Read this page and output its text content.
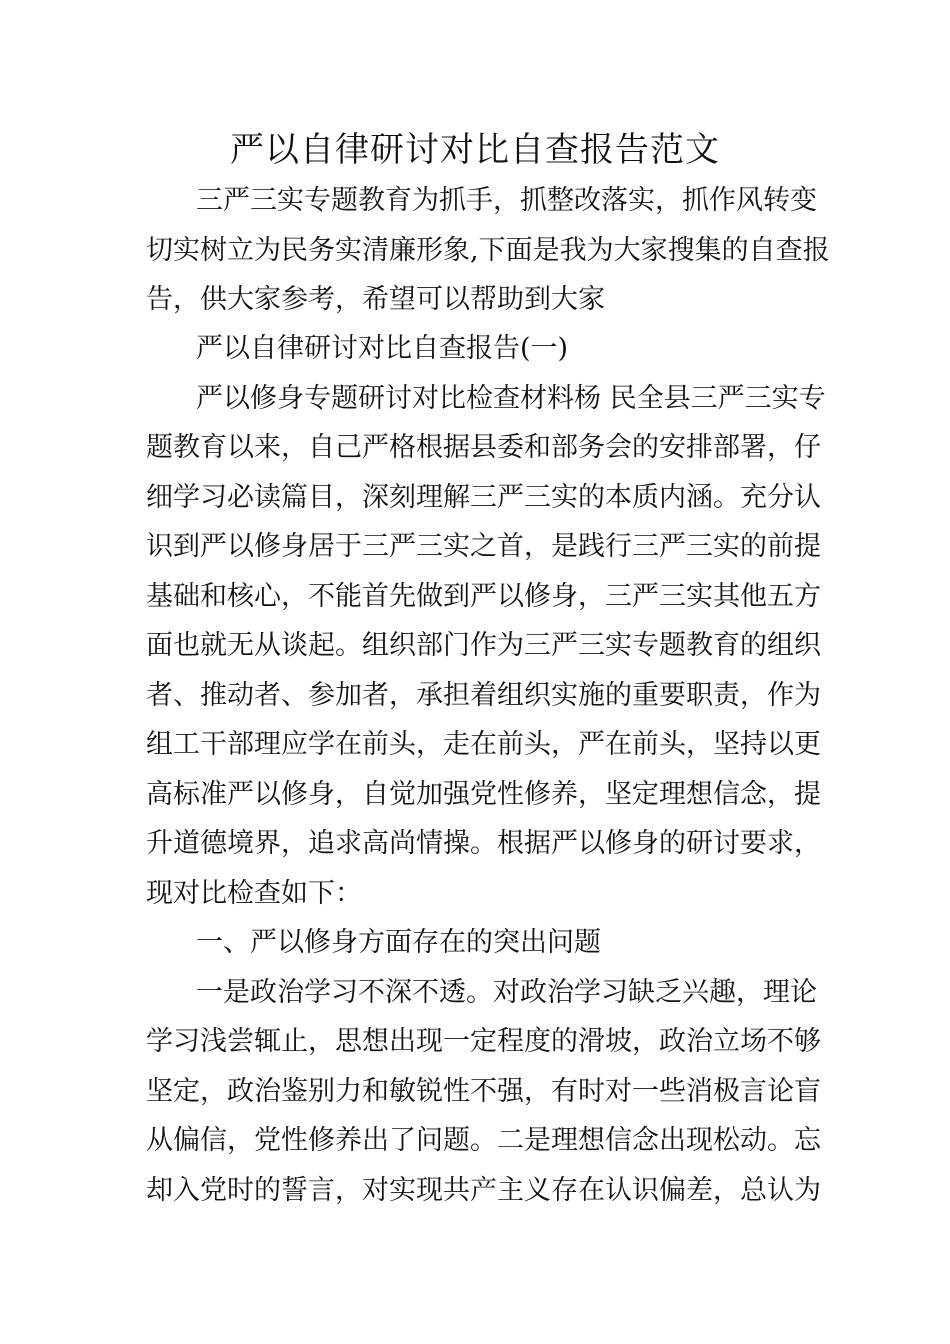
严以自律研讨对比自查报告范文
三严三实专题教育为抓手，抓整改落实，抓作风转变
切实树立为民务实清廉形象,下面是我为大家搜集的自查报
告，供大家参考，希望可以帮助到大家
严以自律研讨对比自查报告(一)
严以修身专题研讨对比检查材料杨 民全县三严三实专
题教育以来，自己严格根据县委和部务会的安排部署，仔
细学习必读篇目，深刻理解三严三实的本质内涵。充分认
识到严以修身居于三严三实之首，是践行三严三实的前提
基础和核心，不能首先做到严以修身，三严三实其他五方
面也就无从谈起。组织部门作为三严三实专题教育的组织
者、推动者、参加者，承担着组织实施的重要职责，作为
组工干部理应学在前头，走在前头，严在前头，坚持以更
高标准严以修身，自觉加强党性修养，坚定理想信念，提
升道德境界，追求高尚情操。根据严以修身的研讨要求，
现对比检查如下：
一、严以修身方面存在的突出问题
一是政治学习不深不透。对政治学习缺乏兴趣，理论
学习浅尝辄止，思想出现一定程度的滑坡，政治立场不够
坚定，政治鉴别力和敏锐性不强，有时对一些消极言论盲
从偏信，党性修养出了问题。二是理想信念出现松动。忘
却入党时的誓言，对实现共产主义存在认识偏差，总认为
